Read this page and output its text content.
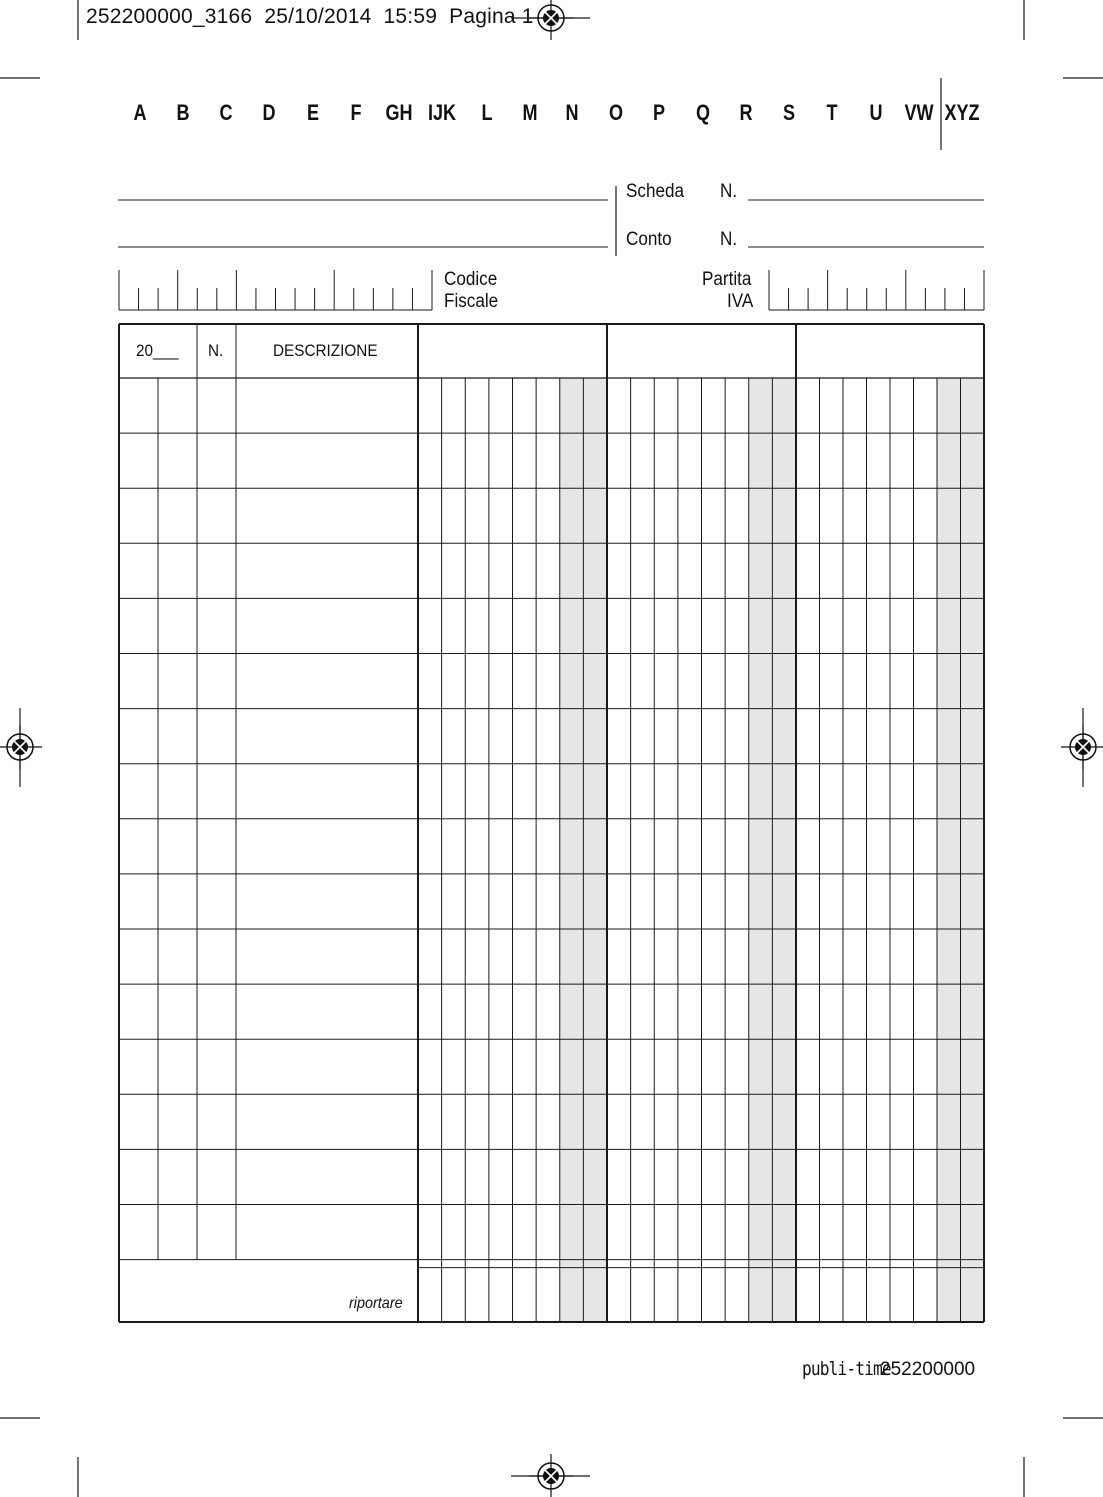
252200000_3166  25/10/2014  15:59  Pagina 1
A B C D E F GH IJK L M N O P Q R S T U VW XYZ
Scheda N.
Conto	N.
Codice
Fiscale
Partita
IVA
20___ N.	DESCRIZIONE
riportare
publi-time
252200000
